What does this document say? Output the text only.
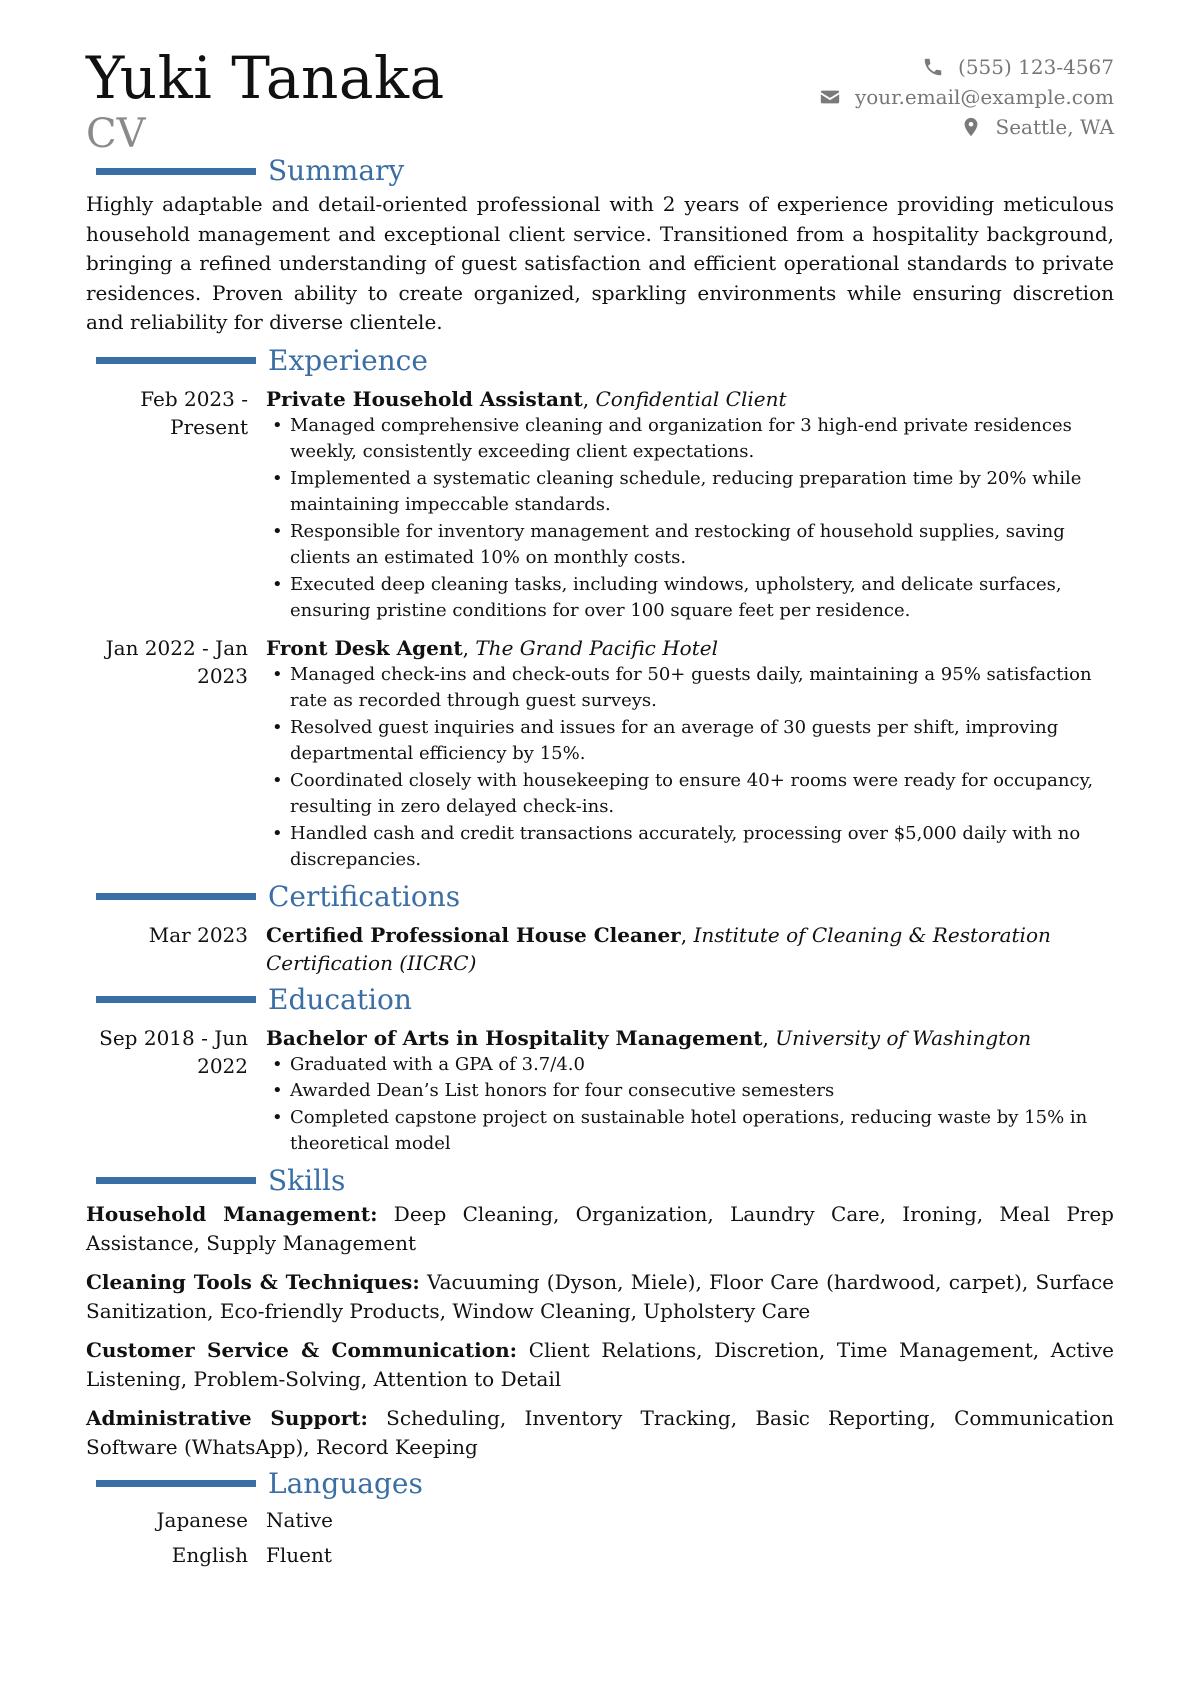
Yuki Tanaka
CV
(555) 123-4567
your.email@example.com
Seattle, WA
Summary

Highly adaptable and detail-oriented professional with 2 years of experience providing meticulous household management and exceptional client service. Transitioned from a hospitality background, bringing a refined understanding of guest satisfaction and efficient operational standards to private residences. Proven ability to create organized, sparkling environments while ensuring discretion and reliability for diverse clientele.

Experience
Feb 2023 - Present
Private Household Assistant, Confidential Client
• Managed comprehensive cleaning and organization for 3 high-end private residences weekly, consistently exceeding client expectations.
• Implemented a systematic cleaning schedule, reducing preparation time by 20% while maintaining impeccable standards.
• Responsible for inventory management and restocking of household supplies, saving clients an estimated 10% on monthly costs.
• Executed deep cleaning tasks, including windows, upholstery, and delicate surfaces, ensuring pristine conditions for over 100 square feet per residence.
Jan 2022 - Jan 2023
Front Desk Agent, The Grand Pacific Hotel
• Managed check-ins and check-outs for 50+ guests daily, maintaining a 95% satisfaction rate as recorded through guest surveys.
• Resolved guest inquiries and issues for an average of 30 guests per shift, improving departmental efficiency by 15%.
• Coordinated closely with housekeeping to ensure 40+ rooms were ready for occupancy, resulting in zero delayed check-ins.
• Handled cash and credit transactions accurately, processing over $5,000 daily with no discrepancies.
Certifications
Mar 2023 Certified Professional House Cleaner, Institute of Cleaning & Restoration Certification (IICRC)
Education
Sep 2018 - Jun 2022
Bachelor of Arts in Hospitality Management, University of Washington
• Graduated with a GPA of 3.7/4.0
• Awarded Dean’s List honors for four consecutive semesters
• Completed capstone project on sustainable hotel operations, reducing waste by 15% in theoretical model
Skills

Household Management: Deep Cleaning, Organization, Laundry Care, Ironing, Meal Prep Assistance, Supply Management

Cleaning Tools & Techniques: Vacuuming (Dyson, Miele), Floor Care (hardwood, carpet), Surface Sanitization, Eco-friendly Products, Window Cleaning, Upholstery Care

Customer Service & Communication: Client Relations, Discretion, Time Management, Active Listening, Problem-Solving, Attention to Detail

Administrative Support: Scheduling, Inventory Tracking, Basic Reporting, Communication Software (WhatsApp), Record Keeping

Languages
Japanese Native
English Fluent
